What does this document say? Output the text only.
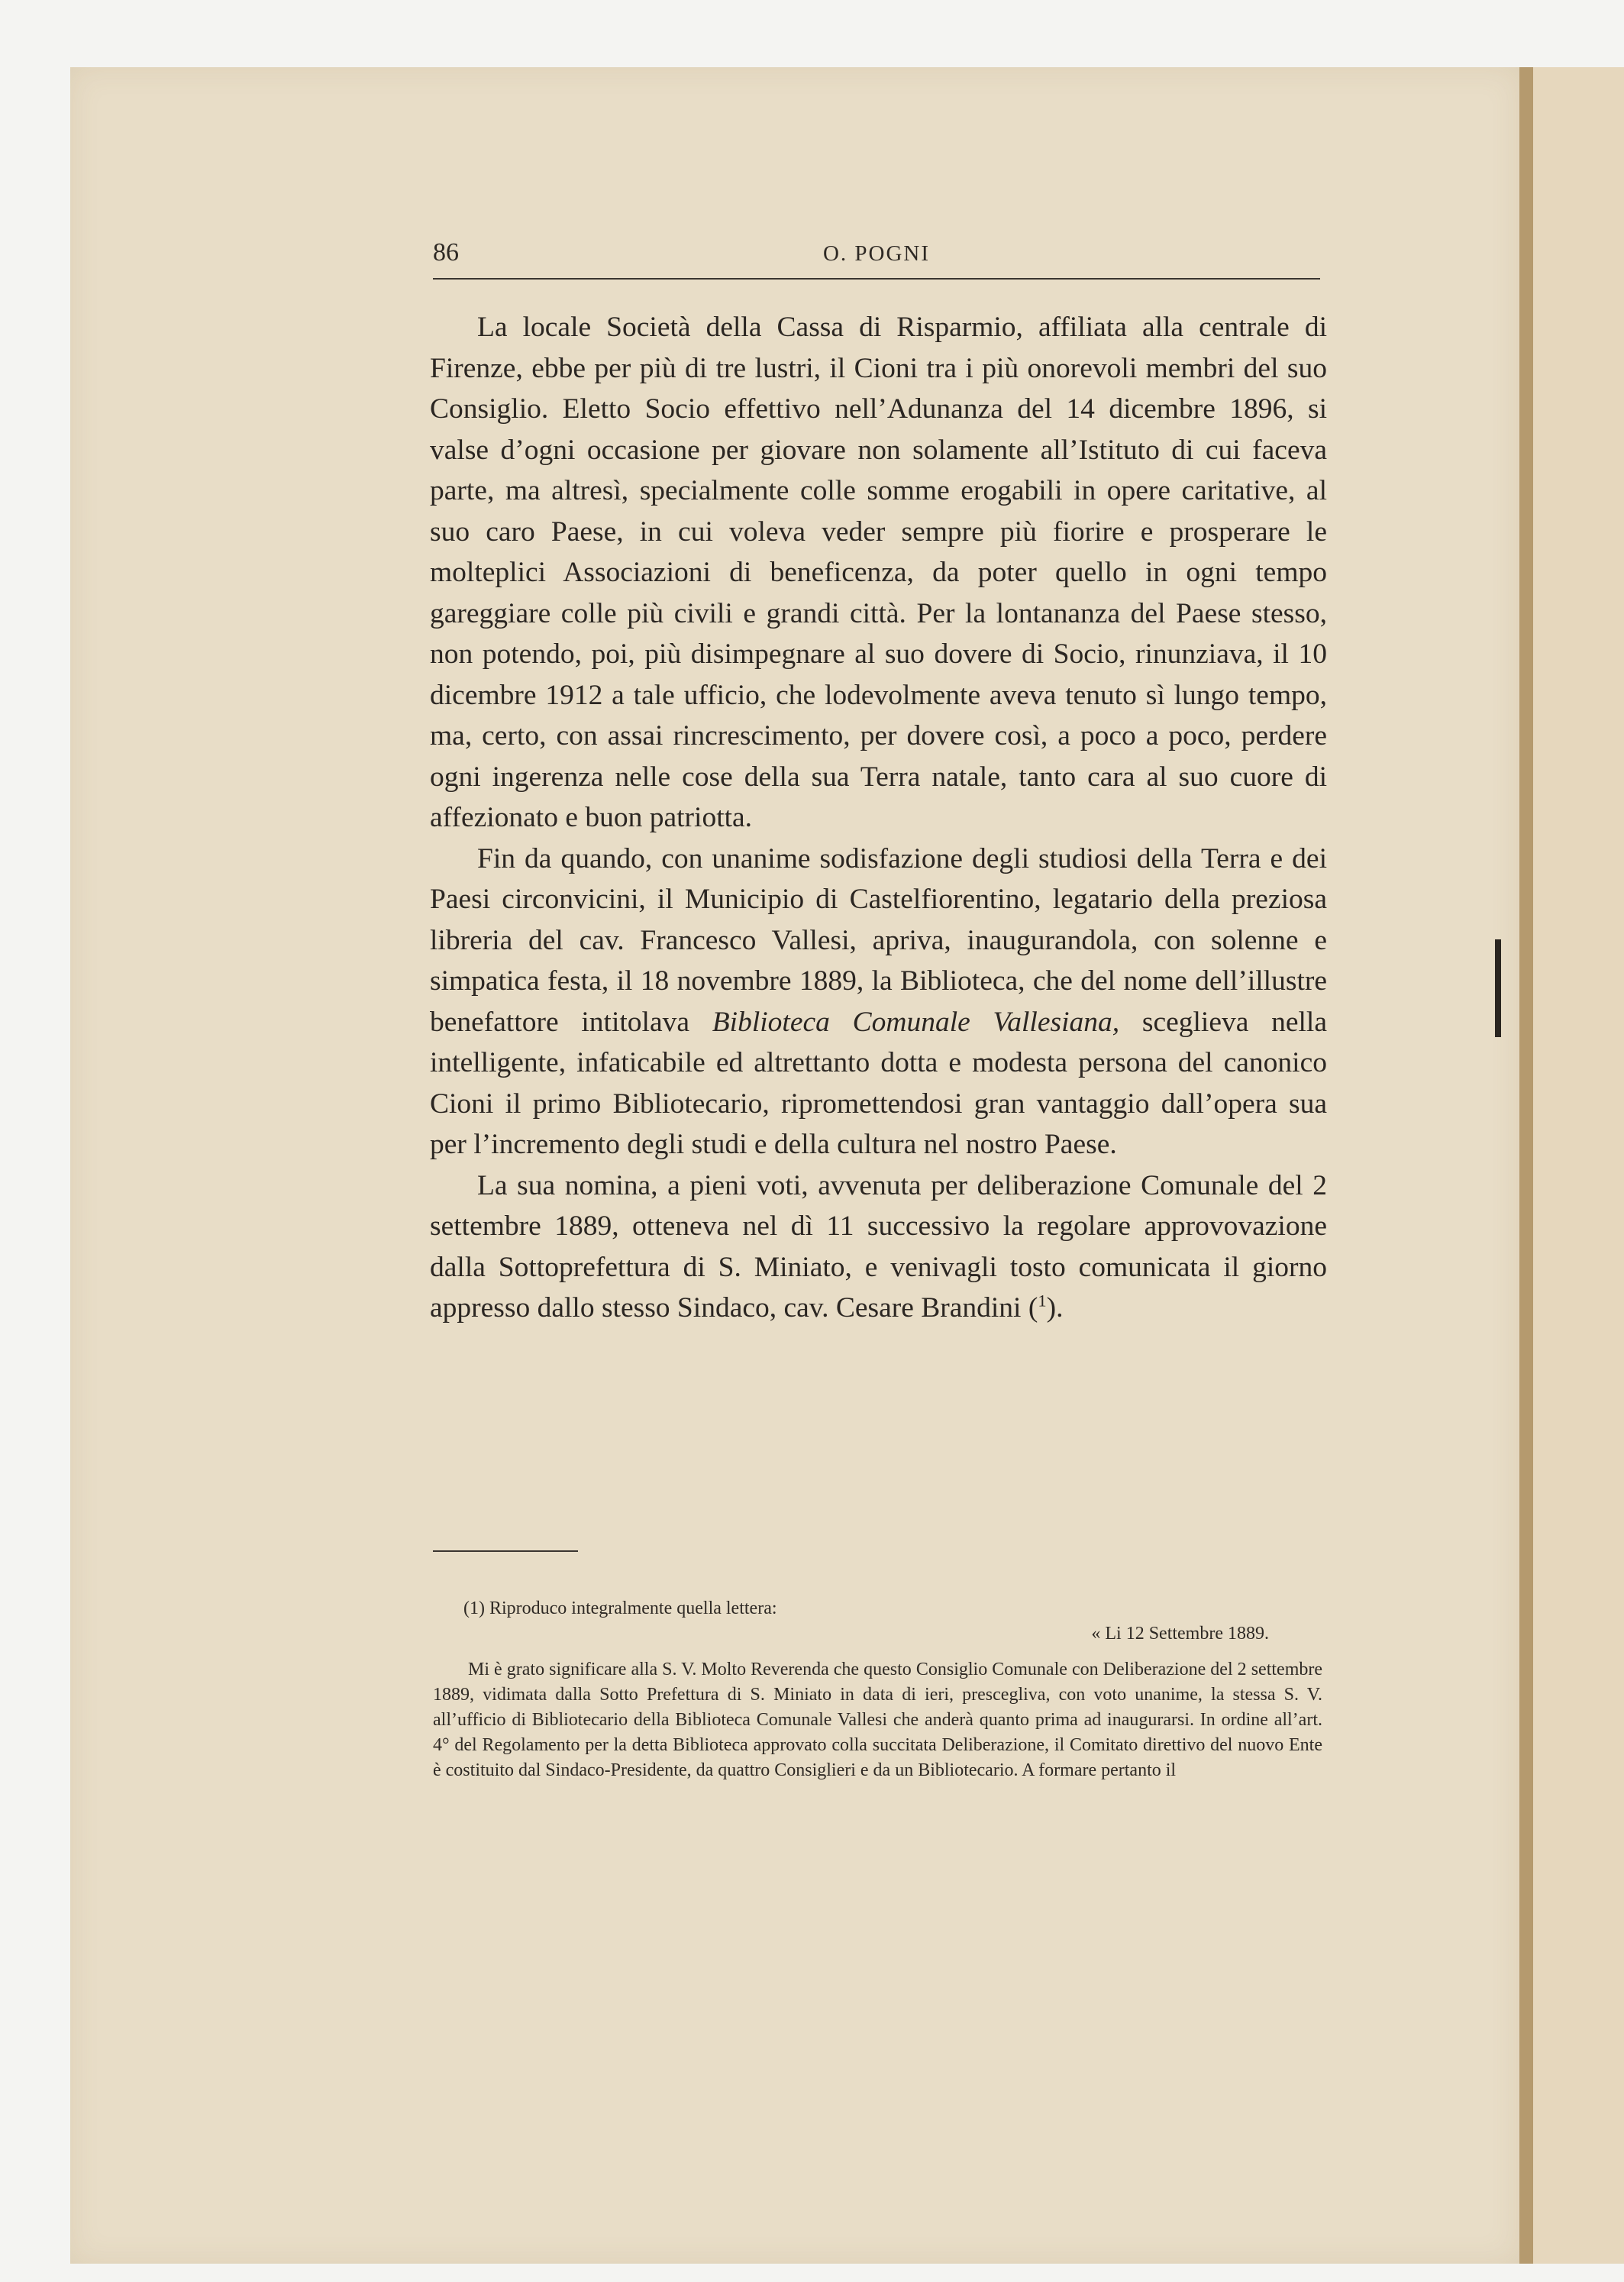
86	O. POGNI

La locale Società della Cassa di Risparmio, affiliata alla centrale di Firenze, ebbe per più di tre lustri, il Cioni tra i più onorevoli membri del suo Consiglio. Eletto Socio effettivo nell’Adunanza del 14 dicembre 1896, si valse d’ogni occasione per giovare non solamente all’Istituto di cui faceva parte, ma altresì, specialmente colle somme erogabili in opere caritative, al suo caro Paese, in cui voleva veder sempre più fiorire e prosperare le molteplici Associazioni di beneficenza, da poter quello in ogni tempo gareggiare colle più civili e grandi città. Per la lontananza del Paese stesso, non potendo, poi, più disimpegnare al suo dovere di Socio, rinunziava, il 10 dicembre 1912 a tale ufficio, che lodevolmente aveva tenuto sì lungo tempo, ma, certo, con assai rincrescimento, per dovere così, a poco a poco, perdere ogni ingerenza nelle cose della sua Terra natale, tanto cara al suo cuore di affezionato e buon patriotta.

Fin da quando, con unanime sodisfazione degli studiosi della Terra e dei Paesi circonvicini, il Municipio di Castelfiorentino, legatario della preziosa libreria del cav. Francesco Vallesi, apriva, inaugurandola, con solenne e simpatica festa, il 18 novembre 1889, la Biblioteca, che del nome dell’illustre benefattore intitolava Biblioteca Comunale Vallesiana, sceglieva nella intelligente, infaticabile ed altrettanto dotta e modesta persona del canonico Cioni il primo Bibliotecario, ripromettendosi gran vantaggio dall’opera sua per l’incremento degli studi e della cultura nel nostro Paese.

La sua nomina, a pieni voti, avvenuta per deliberazione Comunale del 2 settembre 1889, otteneva nel dì 11 successivo la regolare approvovazione dalla Sottoprefettura di S. Miniato, e venivagli tosto comunicata il giorno appresso dallo stesso Sindaco, cav. Cesare Brandini ($^1$).

(1) Riproduco integralmente quella lettera:

« Li 12 Settembre 1889.

Mi è grato significare alla S. V. Molto Reverenda che questo Consiglio Comunale con Deliberazione del 2 settembre 1889, vidimata dalla Sotto Prefettura di S. Miniato in data di ieri, prescegliva, con voto unanime, la stessa S. V. all’ufficio di Bibliotecario della Biblioteca Comunale Vallesi che anderà quanto prima ad inaugurarsi. In ordine all’art. 4° del Regolamento per la detta Biblioteca approvato colla succitata Deliberazione, il Comitato direttivo del nuovo Ente è costituito dal Sindaco-Presidente, da quattro Consiglieri e da un Bibliotecario. A formare pertanto il
